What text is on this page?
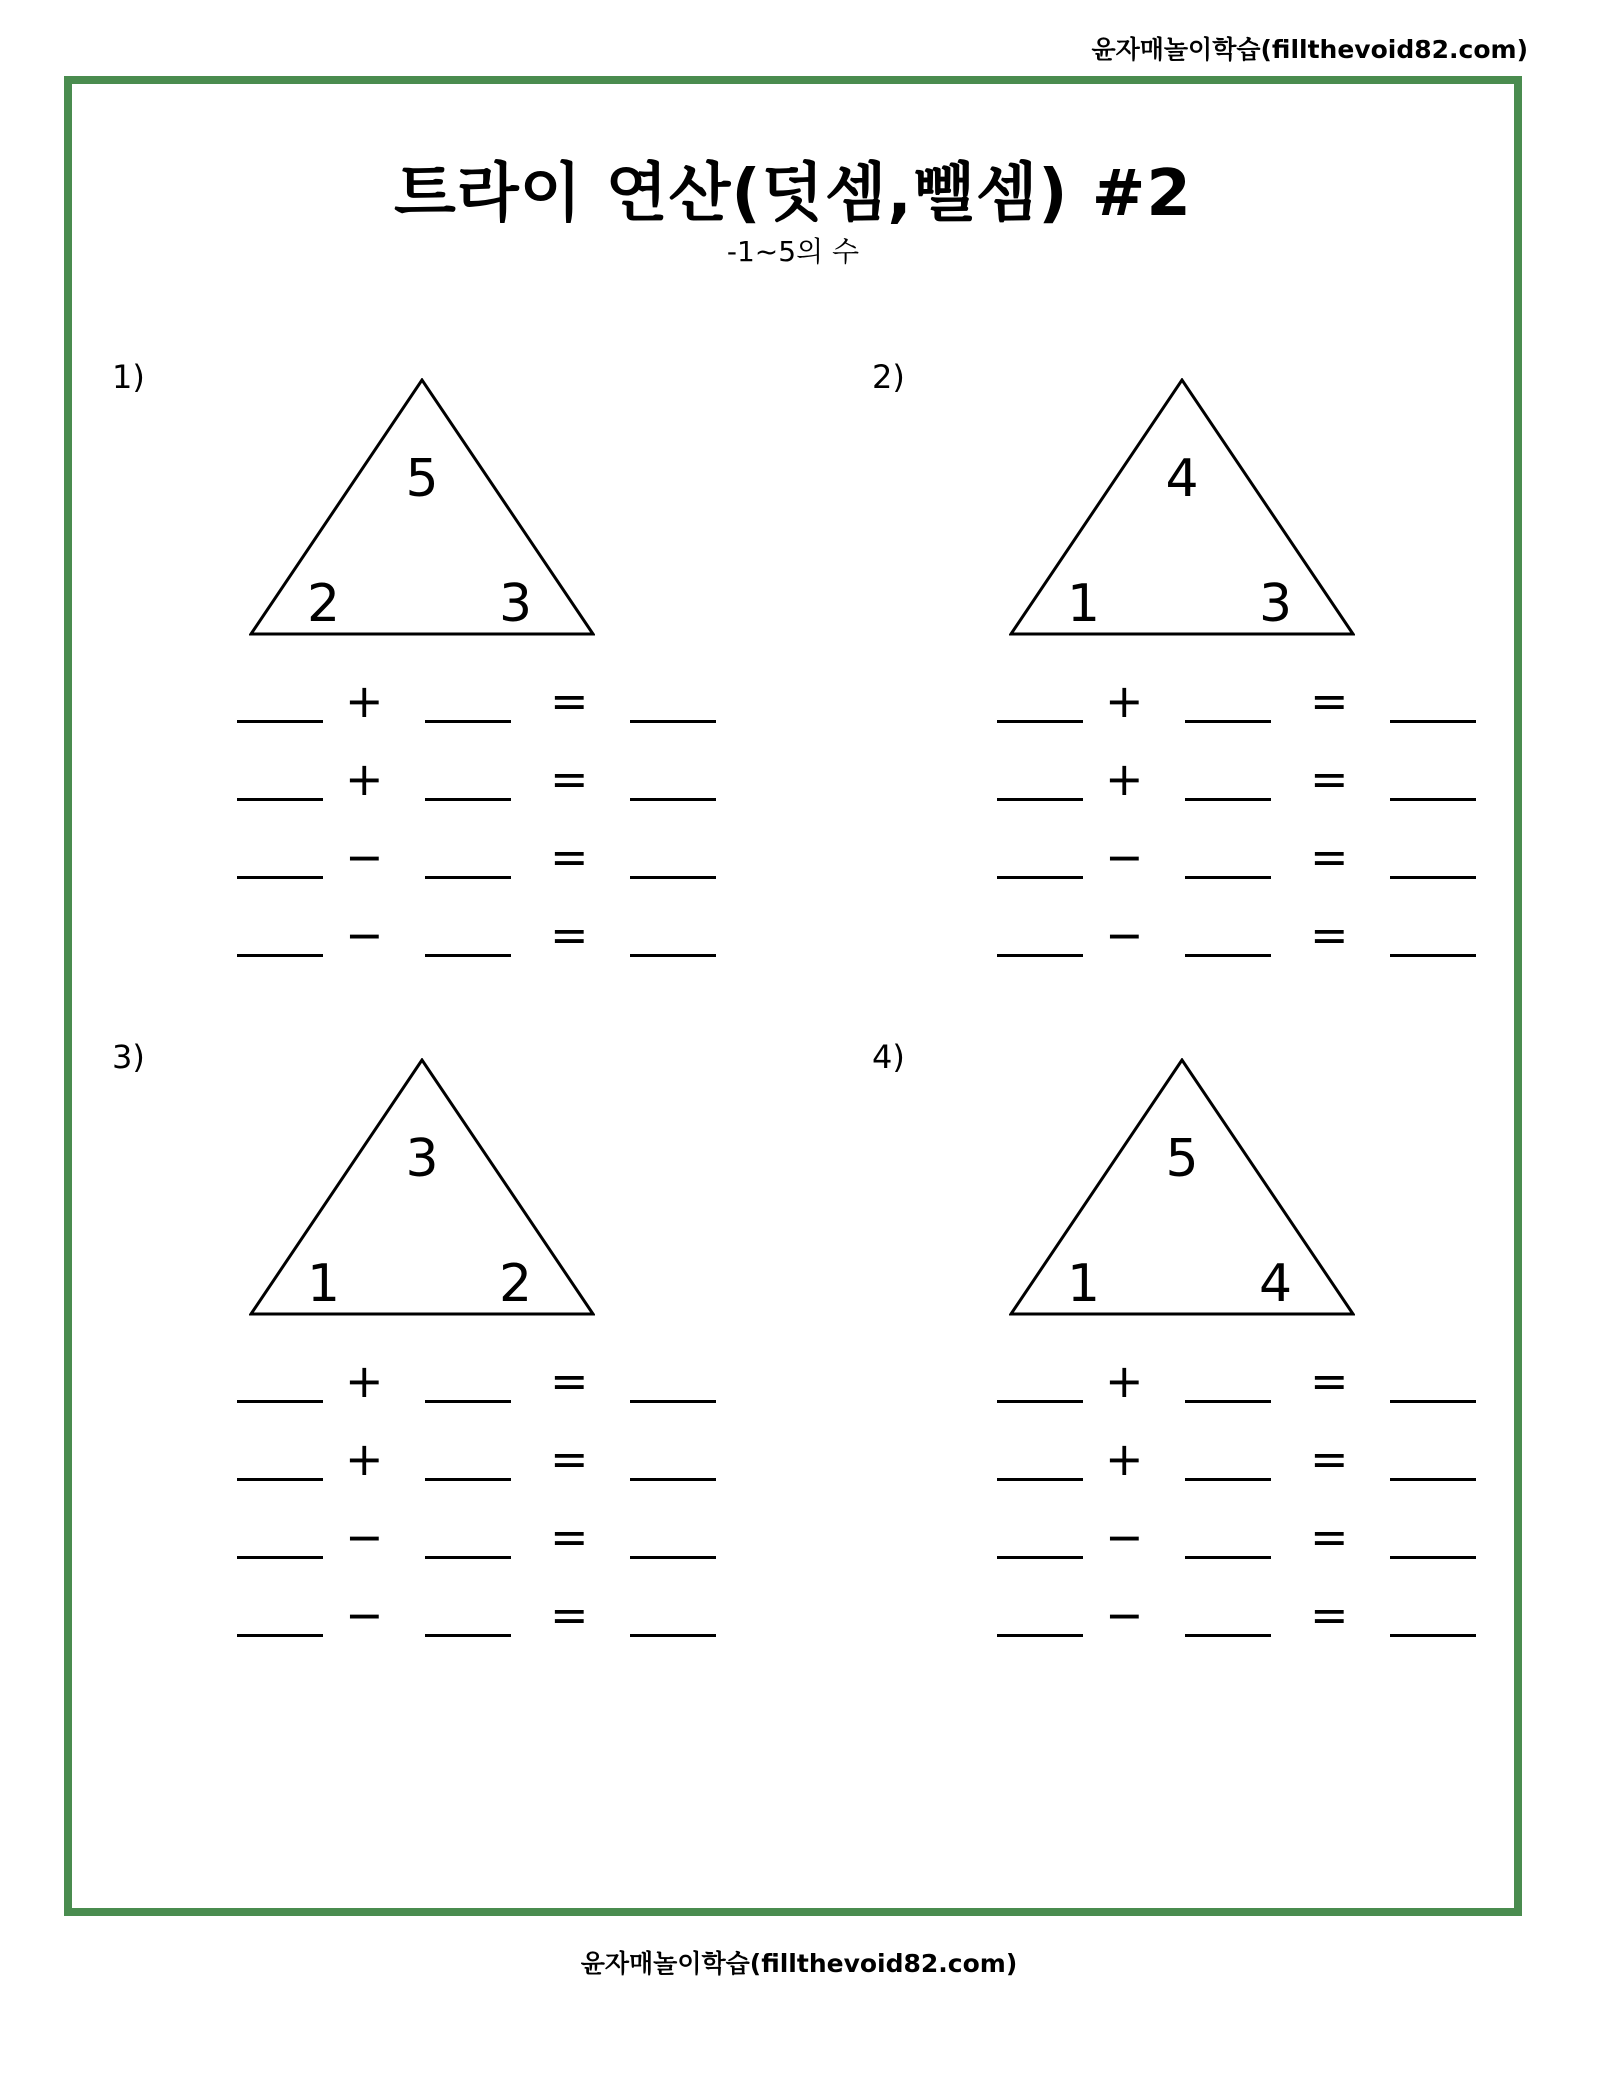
윤자매놀이학습(fillthevoid82.com)
트라이 연산(덧셈,뺄셈) #2
-1~5의 수
1)
5
2	3
+	=
+	=
−	=
−	=
2)
4
1	3
+	=
+	=
−	=
−	=
3)
3
1	2
+	=
+	=
−	=
−	=
4)
5
1	4
+	=
+	=
−	=
−	=
윤자매놀이학습(fillthevoid82.com)
